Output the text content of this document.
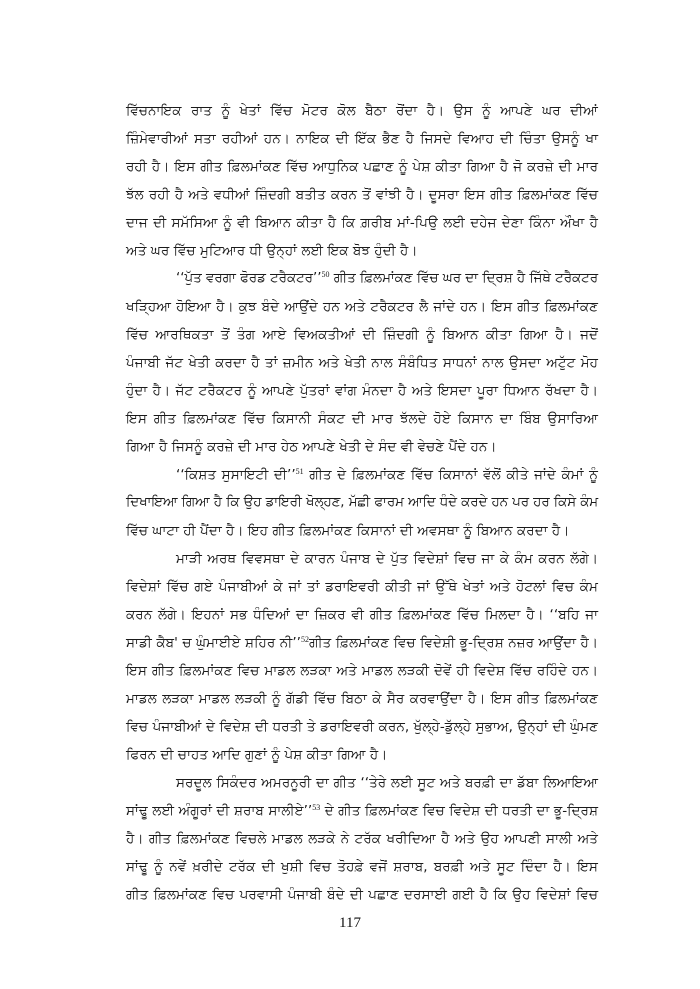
ਵਿੱਚਨਾਇਕ ਰਾਤ ਨੂੰ ਖੇਤਾਂ ਵਿੱਚ ਮੋਟਰ ਕੋਲ ਬੈਠਾ ਰੋਂਦਾ ਹੈ। ਉਸ ਨੂੰ ਆਪਣੇ ਘਰ ਦੀਆਂ
ਜ਼ਿੰਮੇਵਾਰੀਆਂ ਸਤਾ ਰਹੀਆਂ ਹਨ। ਨਾਇਕ ਦੀ ਇੱਕ ਭੈਣ ਹੈ ਜਿਸਦੇ ਵਿਆਹ ਦੀ ਚਿੰਤਾ ਉਸਨੂੰ ਖਾ
ਰਹੀ ਹੈ। ਇਸ ਗੀਤ ਫ਼ਿਲਮਾਂਕਣ ਵਿੱਚ ਆਧੁਨਿਕ ਪਛਾਣ ਨੂੰ ਪੇਸ਼ ਕੀਤਾ ਗਿਆ ਹੈ ਜੋ ਕਰਜ਼ੇ ਦੀ ਮਾਰ
ਝੱਲ ਰਹੀ ਹੈ ਅਤੇ ਵਧੀਆਂ ਜ਼ਿੰਦਗੀ ਬਤੀਤ ਕਰਨ ਤੋਂ ਵਾਂਝੀ ਹੈ। ਦੂਸਰਾ ਇਸ ਗੀਤ ਫ਼ਿਲਮਾਂਕਣ ਵਿੱਚ
ਦਾਜ ਦੀ ਸਮੱਸਿਆ ਨੂੰ ਵੀ ਬਿਆਨ ਕੀਤਾ ਹੈ ਕਿ ਗ਼ਰੀਬ ਮਾਂ-ਪਿਉ ਲਈ ਦਹੇਜ ਦੇਣਾ ਕਿੰਨਾ ਔਖਾ ਹੈ
ਅਤੇ ਘਰ ਵਿੱਚ ਮੁਟਿਆਰ ਧੀ ਉਨ੍ਹਾਂ ਲਈ ਇਕ ਬੋਝ ਹੁੰਦੀ ਹੈ।
‘‘ਪੁੱਤ ਵਰਗਾ ਫੋਰਡ ਟਰੈਕਟਰ’’$^{50}$ ਗੀਤ ਫ਼ਿਲਮਾਂਕਣ ਵਿੱਚ ਘਰ ਦਾ ਦ੍ਰਿਸ਼ ਹੈ ਜਿੱਥੇ ਟਰੈਕਟਰ
ਖੜ੍ਹਿਆ ਹੋਇਆ ਹੈ। ਕੁਝ ਬੰਦੇ ਆਉਂਦੇ ਹਨ ਅਤੇ ਟਰੈਕਟਰ ਲੈ ਜਾਂਦੇ ਹਨ। ਇਸ ਗੀਤ ਫ਼ਿਲਮਾਂਕਣ
ਵਿੱਚ ਆਰਥਿਕਤਾ ਤੋਂ ਤੰਗ ਆਏ ਵਿਅਕਤੀਆਂ ਦੀ ਜ਼ਿੰਦਗੀ ਨੂੰ ਬਿਆਨ ਕੀਤਾ ਗਿਆ ਹੈ। ਜਦੋਂ
ਪੰਜਾਬੀ ਜੱਟ ਖੇਤੀ ਕਰਦਾ ਹੈ ਤਾਂ ਜ਼ਮੀਨ ਅਤੇ ਖੇਤੀ ਨਾਲ ਸੰਬੰਧਿਤ ਸਾਧਨਾਂ ਨਾਲ ਉਸਦਾ ਅਟੁੱਟ ਮੋਹ
ਹੁੰਦਾ ਹੈ। ਜੱਟ ਟਰੈਕਟਰ ਨੂੰ ਆਪਣੇ ਪੁੱਤਰਾਂ ਵਾਂਗ ਮੰਨਦਾ ਹੈ ਅਤੇ ਇਸਦਾ ਪੂਰਾ ਧਿਆਨ ਰੱਖਦਾ ਹੈ।
ਇਸ ਗੀਤ ਫ਼ਿਲਮਾਂਕਣ ਵਿੱਚ ਕਿਸਾਨੀ ਸੰਕਟ ਦੀ ਮਾਰ ਝੱਲਦੇ ਹੋਏ ਕਿਸਾਨ ਦਾ ਬਿੰਬ ਉਸਾਰਿਆ
ਗਿਆ ਹੈ ਜਿਸਨੂੰ ਕਰਜ਼ੇ ਦੀ ਮਾਰ ਹੇਠ ਆਪਣੇ ਖੇਤੀ ਦੇ ਸੰਦ ਵੀ ਵੇਚਣੇ ਪੈਂਦੇ ਹਨ।
‘‘ਕਿਸ਼ਤ ਸੁਸਾਇਟੀ ਦੀ’’$^{51}$ ਗੀਤ ਦੇ ਫ਼ਿਲਮਾਂਕਣ ਵਿੱਚ ਕਿਸਾਨਾਂ ਵੱਲੋਂ ਕੀਤੇ ਜਾਂਦੇ ਕੰਮਾਂ ਨੂੰ
ਦਿਖਾਇਆ ਗਿਆ ਹੈ ਕਿ ਉਹ ਡਾਇਰੀ ਖੋਲ੍ਹਣ, ਮੱਛੀ ਫਾਰਮ ਆਦਿ ਧੰਦੇ ਕਰਦੇ ਹਨ ਪਰ ਹਰ ਕਿਸੇ ਕੰਮ
ਵਿੱਚ ਘਾਟਾ ਹੀ ਪੈਂਦਾ ਹੈ। ਇਹ ਗੀਤ ਫ਼ਿਲਮਾਂਕਣ ਕਿਸਾਨਾਂ ਦੀ ਅਵਸਥਾ ਨੂੰ ਬਿਆਨ ਕਰਦਾ ਹੈ।
ਮਾੜੀ ਅਰਥ ਵਿਵਸਥਾ ਦੇ ਕਾਰਨ ਪੰਜਾਬ ਦੇ ਪੁੱਤ ਵਿਦੇਸ਼ਾਂ ਵਿਚ ਜਾ ਕੇ ਕੰਮ ਕਰਨ ਲੱਗੇ।
ਵਿਦੇਸ਼ਾਂ ਵਿੱਚ ਗਏ ਪੰਜਾਬੀਆਂ ਕੇ ਜਾਂ ਤਾਂ ਡਰਾਇਵਰੀ ਕੀਤੀ ਜਾਂ ਉੱਥੇ ਖੇਤਾਂ ਅਤੇ ਹੋਟਲਾਂ ਵਿਚ ਕੰਮ
ਕਰਨ ਲੱਗੇ। ਇਹਨਾਂ ਸਭ ਧੰਦਿਆਂ ਦਾ ਜ਼ਿਕਰ ਵੀ ਗੀਤ ਫ਼ਿਲਮਾਂਕਣ ਵਿੱਚ ਮਿਲਦਾ ਹੈ। ‘‘ਬਹਿ ਜਾ
ਸਾਡੀ ਕੈਬ' ਚ ਘੁੰਮਾਈਏ ਸ਼ਹਿਰ ਨੀ’’$^{52}$ਗੀਤ ਫ਼ਿਲਮਾਂਕਣ ਵਿਚ ਵਿਦੇਸ਼ੀ ਭੂ-ਦ੍ਰਿਸ਼ ਨਜ਼ਰ ਆਉਂਦਾ ਹੈ।
ਇਸ ਗੀਤ ਫ਼ਿਲਮਾਂਕਣ ਵਿਚ ਮਾਡਲ ਲੜਕਾ ਅਤੇ ਮਾਡਲ ਲੜਕੀ ਦੋਵੇਂ ਹੀ ਵਿਦੇਸ਼ ਵਿੱਚ ਰਹਿੰਦੇ ਹਨ।
ਮਾਡਲ ਲੜਕਾ ਮਾਡਲ ਲੜਕੀ ਨੂੰ ਗੱਡੀ ਵਿੱਚ ਬਿਠਾ ਕੇ ਸੈਰ ਕਰਵਾਉਂਦਾ ਹੈ। ਇਸ ਗੀਤ ਫ਼ਿਲਮਾਂਕਣ
ਵਿਚ ਪੰਜਾਬੀਆਂ ਦੇ ਵਿਦੇਸ਼ ਦੀ ਧਰਤੀ ਤੇ ਡਰਾਇਵਰੀ ਕਰਨ, ਖੁੱਲ੍ਹੇ-ਡੁੱਲ੍ਹੇ ਸੁਭਾਅ, ਉਨ੍ਹਾਂ ਦੀ ਘੁੰਮਣ
ਫਿਰਨ ਦੀ ਚਾਹਤ ਆਦਿ ਗੁਣਾਂ ਨੂੰ ਪੇਸ਼ ਕੀਤਾ ਗਿਆ ਹੈ।
ਸਰਦੂਲ ਸਿਕੰਦਰ ਅਮਰਨੂਰੀ ਦਾ ਗੀਤ ‘‘ਤੇਰੇ ਲਈ ਸੂਟ ਅਤੇ ਬਰਫ਼ੀ ਦਾ ਡੱਬਾ ਲਿਆਇਆ
ਸਾਂਢੂ ਲਈ ਅੰਗੂਰਾਂ ਦੀ ਸ਼ਰਾਬ ਸਾਲੀਏ’’$^{53}$ ਦੇ ਗੀਤ ਫ਼ਿਲਮਾਂਕਣ ਵਿਚ ਵਿਦੇਸ਼ ਦੀ ਧਰਤੀ ਦਾ ਭੂ-ਦ੍ਰਿਸ਼
ਹੈ। ਗੀਤ ਫ਼ਿਲਮਾਂਕਣ ਵਿਚਲੇ ਮਾਡਲ ਲੜਕੇ ਨੇ ਟਰੱਕ ਖਰੀਦਿਆ ਹੈ ਅਤੇ ਉਹ ਆਪਣੀ ਸਾਲੀ ਅਤੇ
ਸਾਂਢੂ ਨੂੰ ਨਵੇਂ ਖ਼ਰੀਦੇ ਟਰੱਕ ਦੀ ਖੁਸ਼ੀ ਵਿਚ ਤੋਹਫ਼ੇ ਵਜੋਂ ਸ਼ਰਾਬ, ਬਰਫ਼ੀ ਅਤੇ ਸੂਟ ਦਿੰਦਾ ਹੈ। ਇਸ
ਗੀਤ ਫ਼ਿਲਮਾਂਕਣ ਵਿਚ ਪਰਵਾਸੀ ਪੰਜਾਬੀ ਬੰਦੇ ਦੀ ਪਛਾਣ ਦਰਸਾਈ ਗਈ ਹੈ ਕਿ ਉਹ ਵਿਦੇਸ਼ਾਂ ਵਿਚ
117
